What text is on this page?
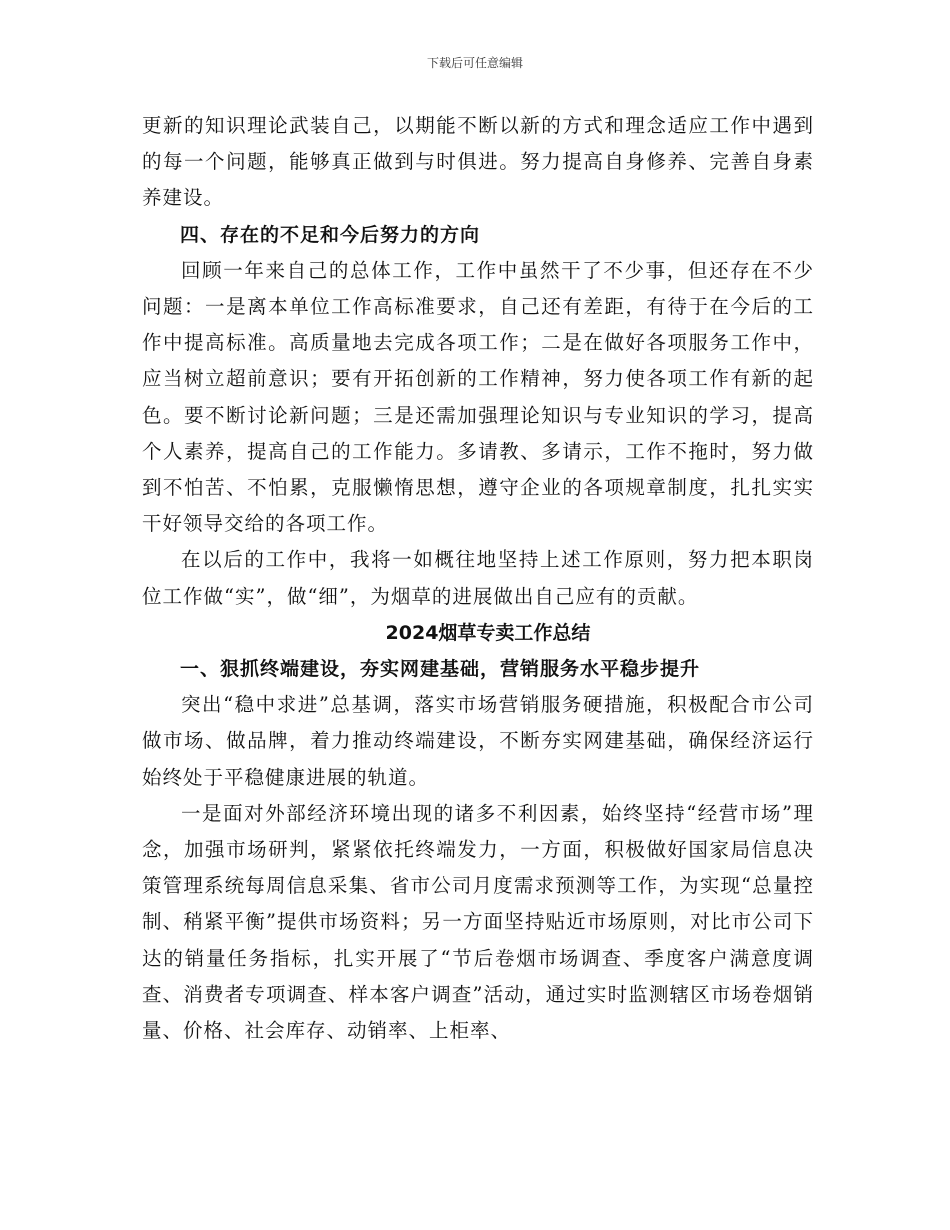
下载后可任意编辑

更新的知识理论武装自己，以期能不断以新的方式和理念适应工作中遇到的每一个问题，能够真正做到与时俱进。努力提高自身修养、完善自身素养建设。

四、存在的不足和今后努力的方向

回顾一年来自己的总体工作，工作中虽然干了不少事，但还存在不少问题：一是离本单位工作高标准要求，自己还有差距，有待于在今后的工作中提高标准。高质量地去完成各项工作；二是在做好各项服务工作中，应当树立超前意识；要有开拓创新的工作精神，努力使各项工作有新的起色。要不断讨论新问题；三是还需加强理论知识与专业知识的学习，提高个人素养，提高自己的工作能力。多请教、多请示，工作不拖时，努力做到不怕苦、不怕累，克服懒惰思想，遵守企业的各项规章制度，扎扎实实干好领导交给的各项工作。

在以后的工作中，我将一如概往地坚持上述工作原则，努力把本职岗位工作做“实”，做“细”，为烟草的进展做出自己应有的贡献。

2024烟草专卖工作总结

一、狠抓终端建设，夯实网建基础，营销服务水平稳步提升

突出“稳中求进”总基调，落实市场营销服务硬措施，积极配合市公司做市场、做品牌，着力推动终端建设，不断夯实网建基础，确保经济运行始终处于平稳健康进展的轨道。

一是面对外部经济环境出现的诸多不利因素，始终坚持“经营市场”理念，加强市场研判，紧紧依托终端发力，一方面，积极做好国家局信息决策管理系统每周信息采集、省市公司月度需求预测等工作，为实现“总量控制、稍紧平衡”提供市场资料；另一方面坚持贴近市场原则，对比市公司下达的销量任务指标，扎实开展了“节后卷烟市场调查、季度客户满意度调查、消费者专项调查、样本客户调查”活动，通过实时监测辖区市场卷烟销量、价格、社会库存、动销率、上柜率、
